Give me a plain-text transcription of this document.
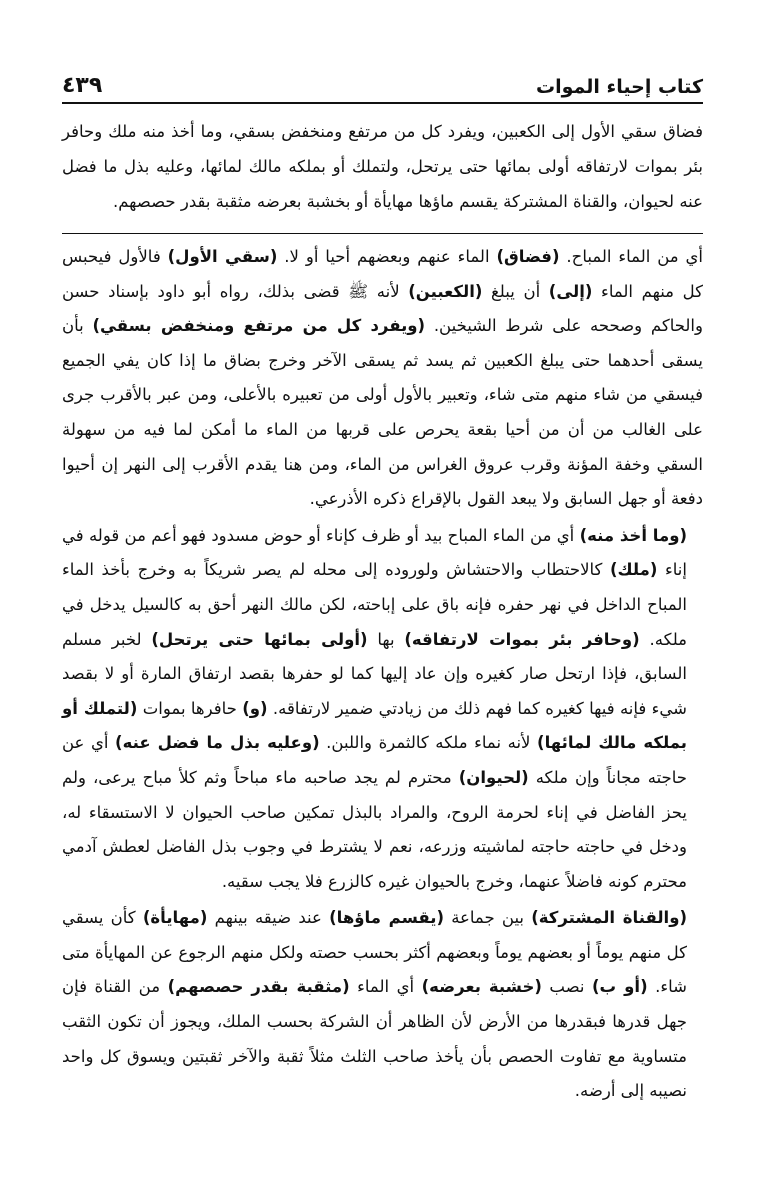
كتاب إحياء الموات
٤٣٩
فضاق سقي الأول إلى الكعبين، ويفرد كل من مرتفع ومنخفض بسقي، وما أخذ منه ملك وحافر بئر بموات لارتفاقه أولى بمائها حتى يرتحل، ولتملك أو بملكه مالك لمائها، وعليه بذل ما فضل عنه لحيوان، والقناة المشتركة يقسم ماؤها مهايأة أو بخشبة بعرضه مثقبة بقدر حصصهم.

أي من الماء المباح. (فضاق) الماء عنهم وبعضهم أحيا أو لا. (سقي الأول) فالأول فيحبس كل منهم الماء (إلى) أن يبلغ (الكعبين) لأنه ﷺ قضى بذلك، رواه أبو داود بإسناد حسن والحاكم وصححه على شرط الشيخين. (ويفرد كل من مرتفع ومنخفض بسقي) بأن يسقى أحدهما حتى يبلغ الكعبين ثم يسد ثم يسقى الآخر وخرج بضاق ما إذا كان يفي الجميع فيسقي من شاء منهم متى شاء، وتعبير بالأول أولى من تعبيره بالأعلى، ومن عبر بالأقرب جرى على الغالب من أن من أحيا بقعة يحرص على قربها من الماء ما أمكن لما فيه من سهولة السقي وخفة المؤنة وقرب عروق الغراس من الماء، ومن هنا يقدم الأقرب إلى النهر إن أحيوا دفعة أو جهل السابق ولا يبعد القول بالإقراع ذكره الأذرعي.

(وما أخذ منه) أي من الماء المباح بيد أو ظرف كإناء أو حوض مسدود فهو أعم من قوله في إناء (ملك) كالاحتطاب والاحتشاش ولوروده إلى محله لم يصر شريكاً به وخرج بأخذ الماء المباح الداخل في نهر حفره فإنه باق على إباحته، لكن مالك النهر أحق به كالسيل يدخل في ملكه. (وحافر بئر بموات لارتفاقه) بها (أولى بمائها حتى يرتحل) لخبر مسلم السابق، فإذا ارتحل صار كغيره وإن عاد إليها كما لو حفرها بقصد ارتفاق المارة أو لا بقصد شيء فإنه فيها كغيره كما فهم ذلك من زيادتي ضمير لارتفاقه. (و) حافرها بموات (لتملك أو بملكه مالك لمائها) لأنه نماء ملكه كالثمرة واللبن. (وعليه بذل ما فضل عنه) أي عن حاجته مجاناً وإن ملكه (لحيوان) محترم لم يجد صاحبه ماء مباحاً وثم كلأ مباح يرعى، ولم يحز الفاضل في إناء لحرمة الروح، والمراد بالبذل تمكين صاحب الحيوان لا الاستسقاء له، ودخل في حاجته حاجته لماشيته وزرعه، نعم لا يشترط في وجوب بذل الفاضل لعطش آدمي محترم كونه فاضلاً عنهما، وخرج بالحيوان غيره كالزرع فلا يجب سقيه.

(والقناة المشتركة) بين جماعة (يقسم ماؤها) عند ضيقه بينهم (مهايأة) كأن يسقي كل منهم يوماً أو بعضهم يوماً وبعضهم أكثر بحسب حصته ولكل منهم الرجوع عن المهايأة متى شاء. (أو ب) نصب (خشبة بعرضه) أي الماء (مثقبة بقدر حصصهم) من القناة فإن جهل قدرها فبقدرها من الأرض لأن الظاهر أن الشركة بحسب الملك، ويجوز أن تكون الثقب متساوية مع تفاوت الحصص بأن يأخذ صاحب الثلث مثلاً ثقبة والآخر ثقبتين ويسوق كل واحد نصيبه إلى أرضه.
